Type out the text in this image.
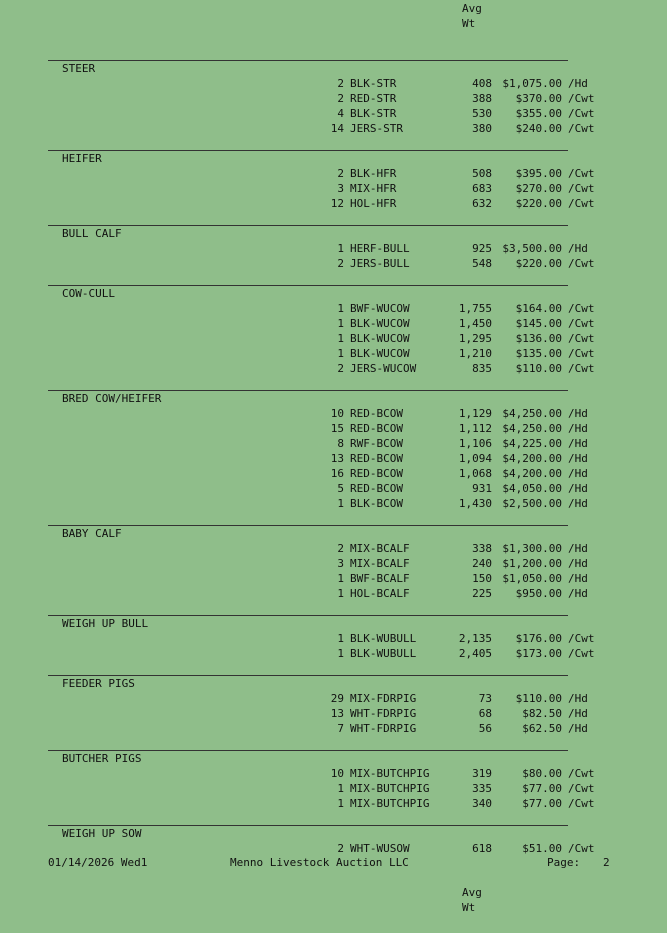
Avg
Wt
STEER
2 BLK-STR	408 $1,075.00 /Hd
2 RED-STR	388 $370.00 /Cwt
4 BLK-STR	530 $355.00 /Cwt
14 JERS-STR	380 $240.00 /Cwt
HEIFER
2 BLK-HFR	508 $395.00 /Cwt
3 MIX-HFR	683 $270.00 /Cwt
12 HOL-HFR	632 $220.00 /Cwt
BULL CALF
1 HERF-BULL	925 $3,500.00 /Hd
2 JERS-BULL	548 $220.00 /Cwt
COW-CULL
1 BWF-WUCOW	1,755 $164.00 /Cwt
1 BLK-WUCOW	1,450 $145.00 /Cwt
1 BLK-WUCOW	1,295 $136.00 /Cwt
1 BLK-WUCOW	1,210 $135.00 /Cwt
2 JERS-WUCOW	835 $110.00 /Cwt
BRED COW/HEIFER
10 RED-BCOW	1,129 $4,250.00 /Hd
15 RED-BCOW	1,112 $4,250.00 /Hd
8 RWF-BCOW	1,106 $4,225.00 /Hd
13 RED-BCOW	1,094 $4,200.00 /Hd
16 RED-BCOW	1,068 $4,200.00 /Hd
5 RED-BCOW	931 $4,050.00 /Hd
1 BLK-BCOW	1,430 $2,500.00 /Hd
BABY CALF
2 MIX-BCALF	338 $1,300.00 /Hd
3 MIX-BCALF	240 $1,200.00 /Hd
1 BWF-BCALF	150 $1,050.00 /Hd
1 HOL-BCALF	225 $950.00 /Hd
WEIGH UP BULL
1 BLK-WUBULL	2,135 $176.00 /Cwt
1 BLK-WUBULL	2,405 $173.00 /Cwt
FEEDER PIGS
29 MIX-FDRPIG	73 $110.00 /Hd
13 WHT-FDRPIG	68	$82.50 /Hd
7 WHT-FDRPIG	56	$62.50 /Hd
BUTCHER PIGS
10 MIX-BUTCHPIG	319	$80.00 /Cwt
1 MIX-BUTCHPIG	335	$77.00 /Cwt
1 MIX-BUTCHPIG	340	$77.00 /Cwt
WEIGH UP SOW
2 WHT-WUSOW	618	$51.00 /Cwt
01/14/2026 Wed1	Menno Livestock Auction LLC	Page: 2
Avg
Wt
